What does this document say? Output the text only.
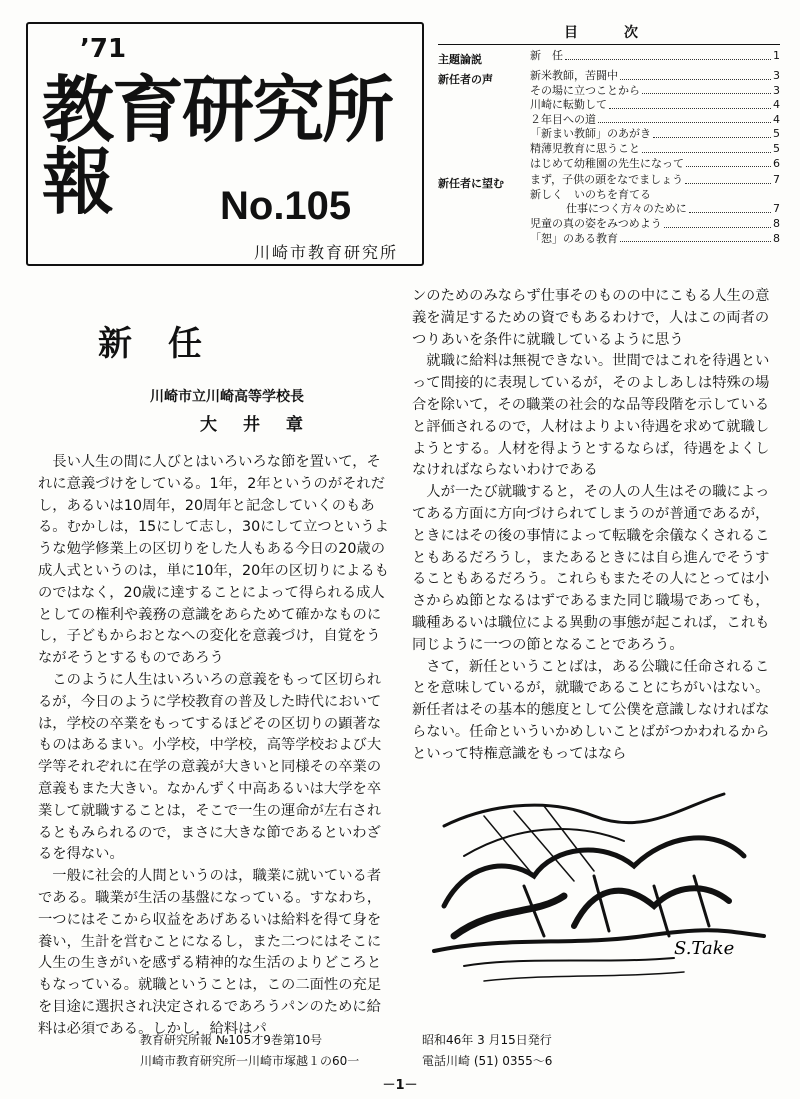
’71
教育研究所報	No.105
川崎市教育研究所
目　次
主題論説	新　任	1
新任者の声	新米教師，苦闘中	3
その場に立つことから	3
川崎に転勤して	4
２年目への道	4
「新まい教師」のあがき	5
精薄児教育に思うこと	5
はじめて幼稚園の先生になって	6
新任者に望む	まず，子供の頭をなでましょう	7
新しく　いのちを育てる
仕事につく方々のために	7
児童の真の姿をみつめよう	8
「恕」のある教育	8
新任
川崎市立川崎高等学校長
大井章

長い人生の間に人びとはいろいろな節を置いて，それに意義づけをしている。1年，2年というのがそれだし，あるいは10周年，20周年と記念していくのもある。むかしは，15にして志し，30にして立つというような勉学修業上の区切りをした人もある今日の20歳の成人式というのは，単に10年，20年の区切りによるものではなく，20歳に達することによって得られる成人としての権利や義務の意識をあらためて確かなものにし，子どもからおとなへの変化を意義づけ，自覚をうながそうとするものであろう

このように人生はいろいろの意義をもって区切られるが，今日のように学校教育の普及した時代においては，学校の卒業をもってするほどその区切りの顕著なものはあるまい。小学校，中学校，高等学校および大学等それぞれに在学の意義が大きいと同様その卒業の意義もまた大きい。なかんずく中高あるいは大学を卒業して就職することは，そこで一生の運命が左右されるともみられるので，まさに大きな節であるといわざるを得ない。

一般に社会的人間というのは，職業に就いている者である。職業が生活の基盤になっている。すなわち，一つにはそこから収益をあげあるいは給料を得て身を養い，生計を営むことになるし，また二つにはそこに人生の生きがいを感ずる精神的な生活のよりどころともなっている。就職ということは，この二面性の充足を目途に選択され決定されるであろうパンのために給料は必須である。しかし，給料はパ

ンのためのみならず仕事そのものの中にこもる人生の意義を満足するための資でもあるわけで，人はこの両者のつりあいを条件に就職しているように思う

就職に給料は無視できない。世間ではこれを待遇といって間接的に表現しているが，そのよしあしは特殊の場合を除いて，その職業の社会的な品等段階を示していると評価されるので，人材はよりよい待遇を求めて就職しようとする。人材を得ようとするならば，待遇をよくしなければならないわけである

人が一たび就職すると，その人の人生はその職によってある方面に方向づけられてしまうのが普通であるが，ときにはその後の事情によって転職を余儀なくされることもあるだろうし，またあるときには自ら進んでそうすることもあるだろう。これらもまたその人にとっては小さからぬ節となるはずであるまた同じ職場であっても，職種あるいは職位による異動の事態が起これば，これも同じように一つの節となることであろう。

さて，新任ということばは，ある公職に任命されることを意味しているが，就職であることにちがいはない。新任者はその基本的態度として公僕を意識しなければならない。任命といういかめしいことばがつかわれるからといって特権意識をもってはなら

S.Take
教育研究所報 №105才9巻第10号	昭和46年 3 月15日発行
川崎市教育研究所一川崎市塚越１の60一	電話川崎 (51) 0355～6
－1－
